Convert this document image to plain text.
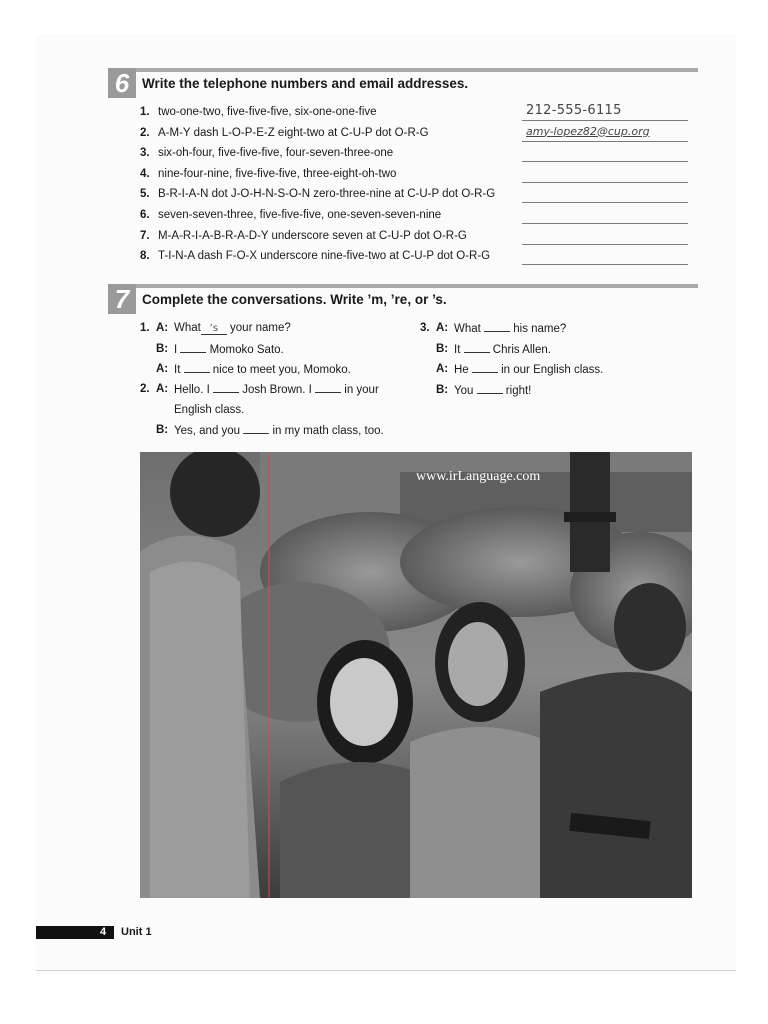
6 Write the telephone numbers and email addresses.
1. two-one-two, five-five-five, six-one-one-five	212-555-6115
2. A-M-Y dash L-O-P-E-Z eight-two at C-U-P dot O-R-G	amy-lopez82@cup.org
3. six-oh-four, five-five-five, four-seven-three-one
4. nine-four-nine, five-five-five, three-eight-oh-two
5. B-R-I-A-N dot J-O-H-N-S-O-N zero-three-nine at C-U-P dot O-R-G
6. seven-seven-three, five-five-five, one-seven-seven-nine
7. M-A-R-I-A-B-R-A-D-Y underscore seven at C-U-P dot O-R-G
8. T-I-N-A dash F-O-X underscore nine-five-two at C-U-P dot O-R-G
7 Complete the conversations. Write ’m, ’re, or ’s.
1. A: What ’s your name?
B: I  Momoko Sato.
A: It  nice to meet you, Momoko.
2. A: Hello. I  Josh Brown. I  in your
English class.
B: Yes, and you  in my math class, too.
3. A: What  his name?
B: It  Chris Allen.
A: He  in our English class.
B: You  right!
www.irLanguage.com
4 Unit 1
